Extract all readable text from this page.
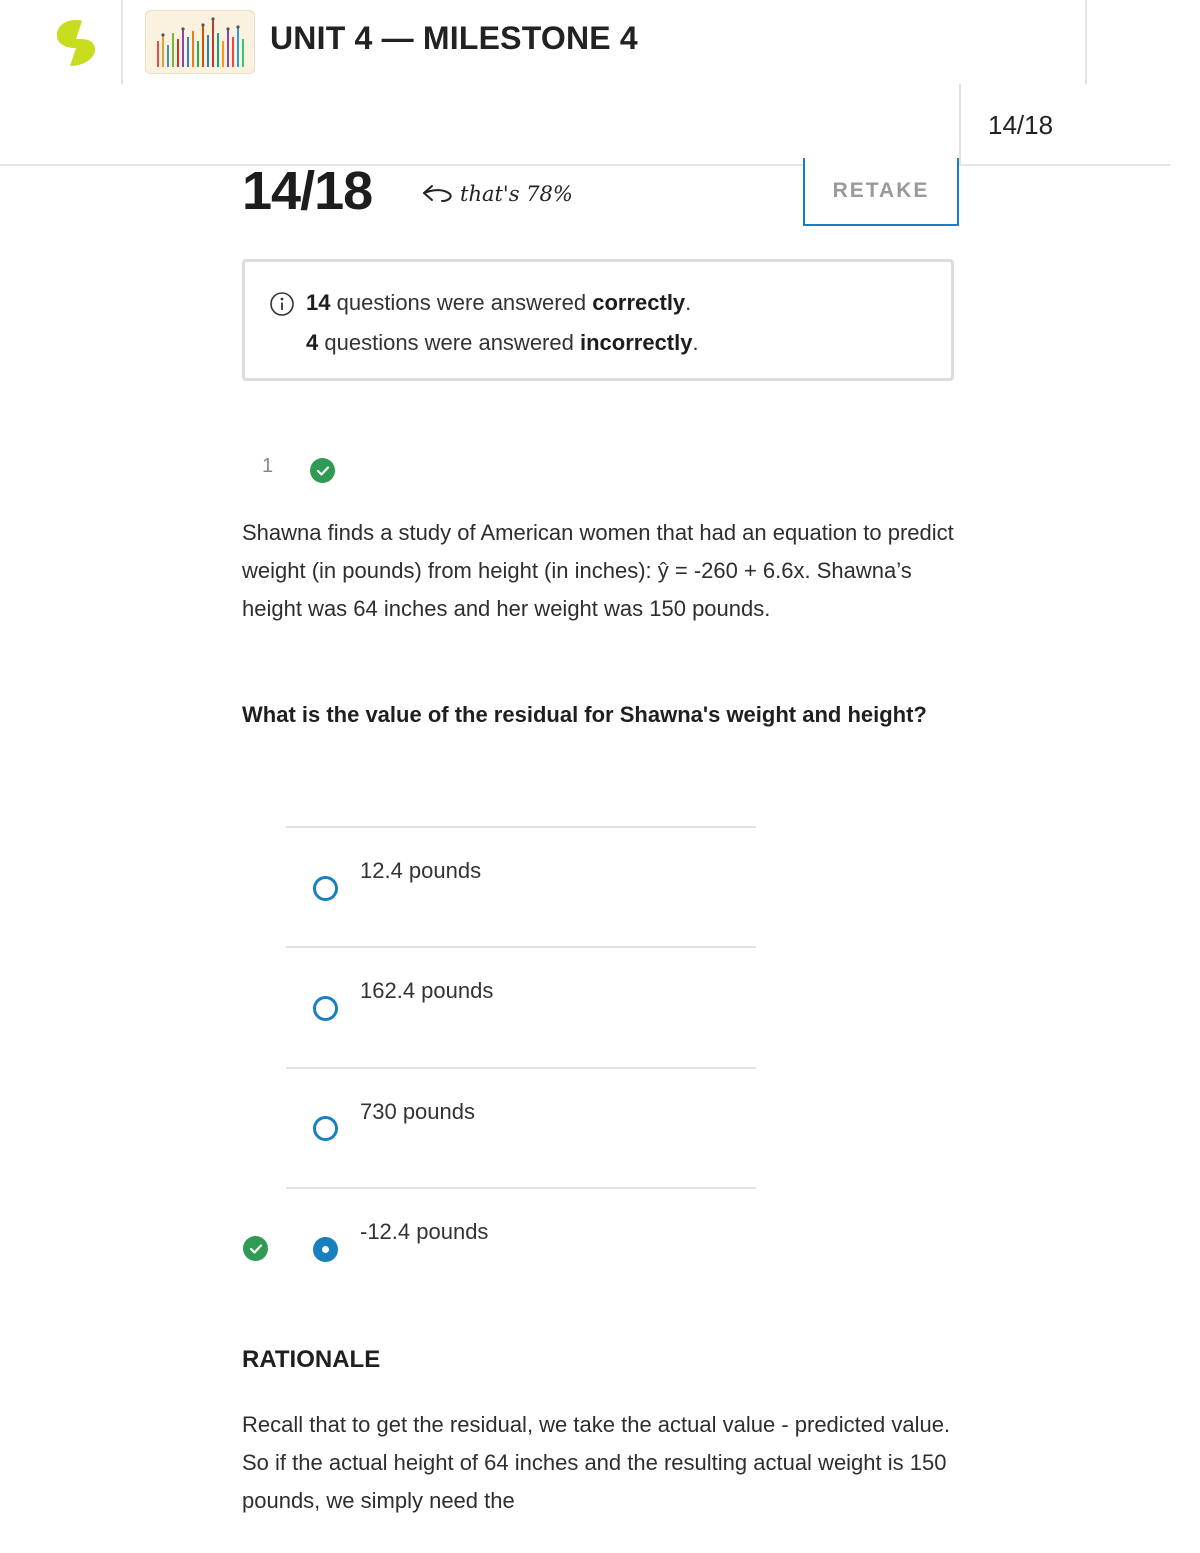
UNIT 4 — MILESTONE 4
14/18
14/18	that's 78%	RETAKE
14 questions were answered correctly.
4 questions were answered incorrectly.
1
Shawna finds a study of American women that had an equation to predict weight (in pounds) from height (in inches): ŷ = -260 + 6.6x. Shawna’s height was 64 inches and her weight was 150 pounds.
What is the value of the residual for Shawna's weight and height?
12.4 pounds
162.4 pounds
730 pounds
-12.4 pounds
RATIONALE
Recall that to get the residual, we take the actual value - predicted value. So if the actual height of 64 inches and the resulting actual weight is 150 pounds, we simply need the
